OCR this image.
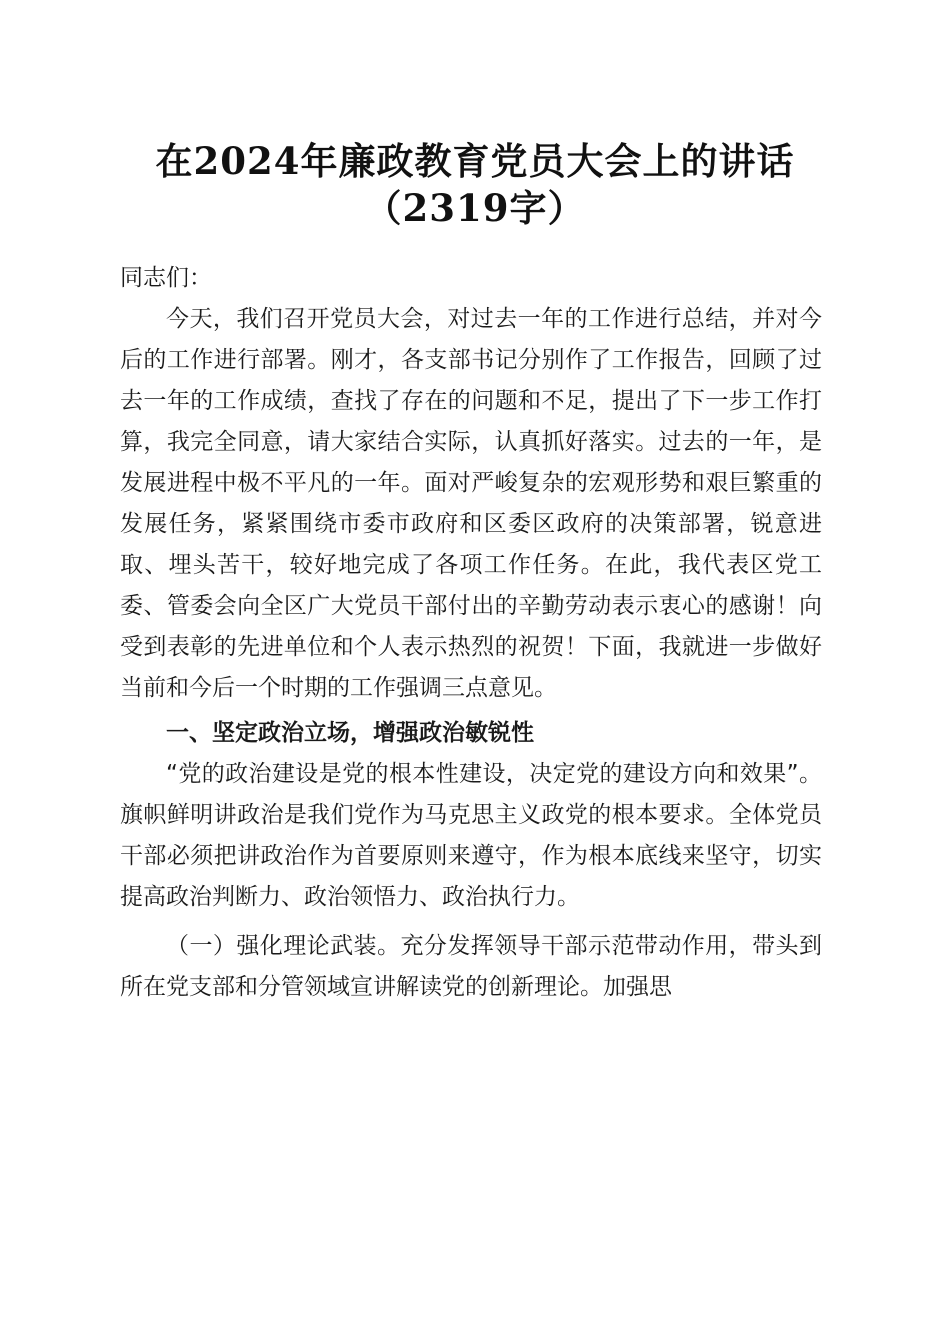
在2024年廉政教育党员大会上的讲话（2319字）

同志们：

今天，我们召开党员大会，对过去一年的工作进行总结，并对今后的工作进行部署。刚才，各支部书记分别作了工作报告，回顾了过去一年的工作成绩，查找了存在的问题和不足，提出了下一步工作打算，我完全同意，请大家结合实际，认真抓好落实。过去的一年，是发展进程中极不平凡的一年。面对严峻复杂的宏观形势和艰巨繁重的发展任务，紧紧围绕市委市政府和区委区政府的决策部署，锐意进取、埋头苦干，较好地完成了各项工作任务。在此，我代表区党工委、管委会向全区广大党员干部付出的辛勤劳动表示衷心的感谢！向受到表彰的先进单位和个人表示热烈的祝贺！下面，我就进一步做好当前和今后一个时期的工作强调三点意见。

一、坚定政治立场，增强政治敏锐性

“党的政治建设是党的根本性建设，决定党的建设方向和效果”。旗帜鲜明讲政治是我们党作为马克思主义政党的根本要求。全体党员干部必须把讲政治作为首要原则来遵守，作为根本底线来坚守，切实提高政治判断力、政治领悟力、政治执行力。

（一）强化理论武装。充分发挥领导干部示范带动作用，带头到所在党支部和分管领域宣讲解读党的创新理论。加强思
